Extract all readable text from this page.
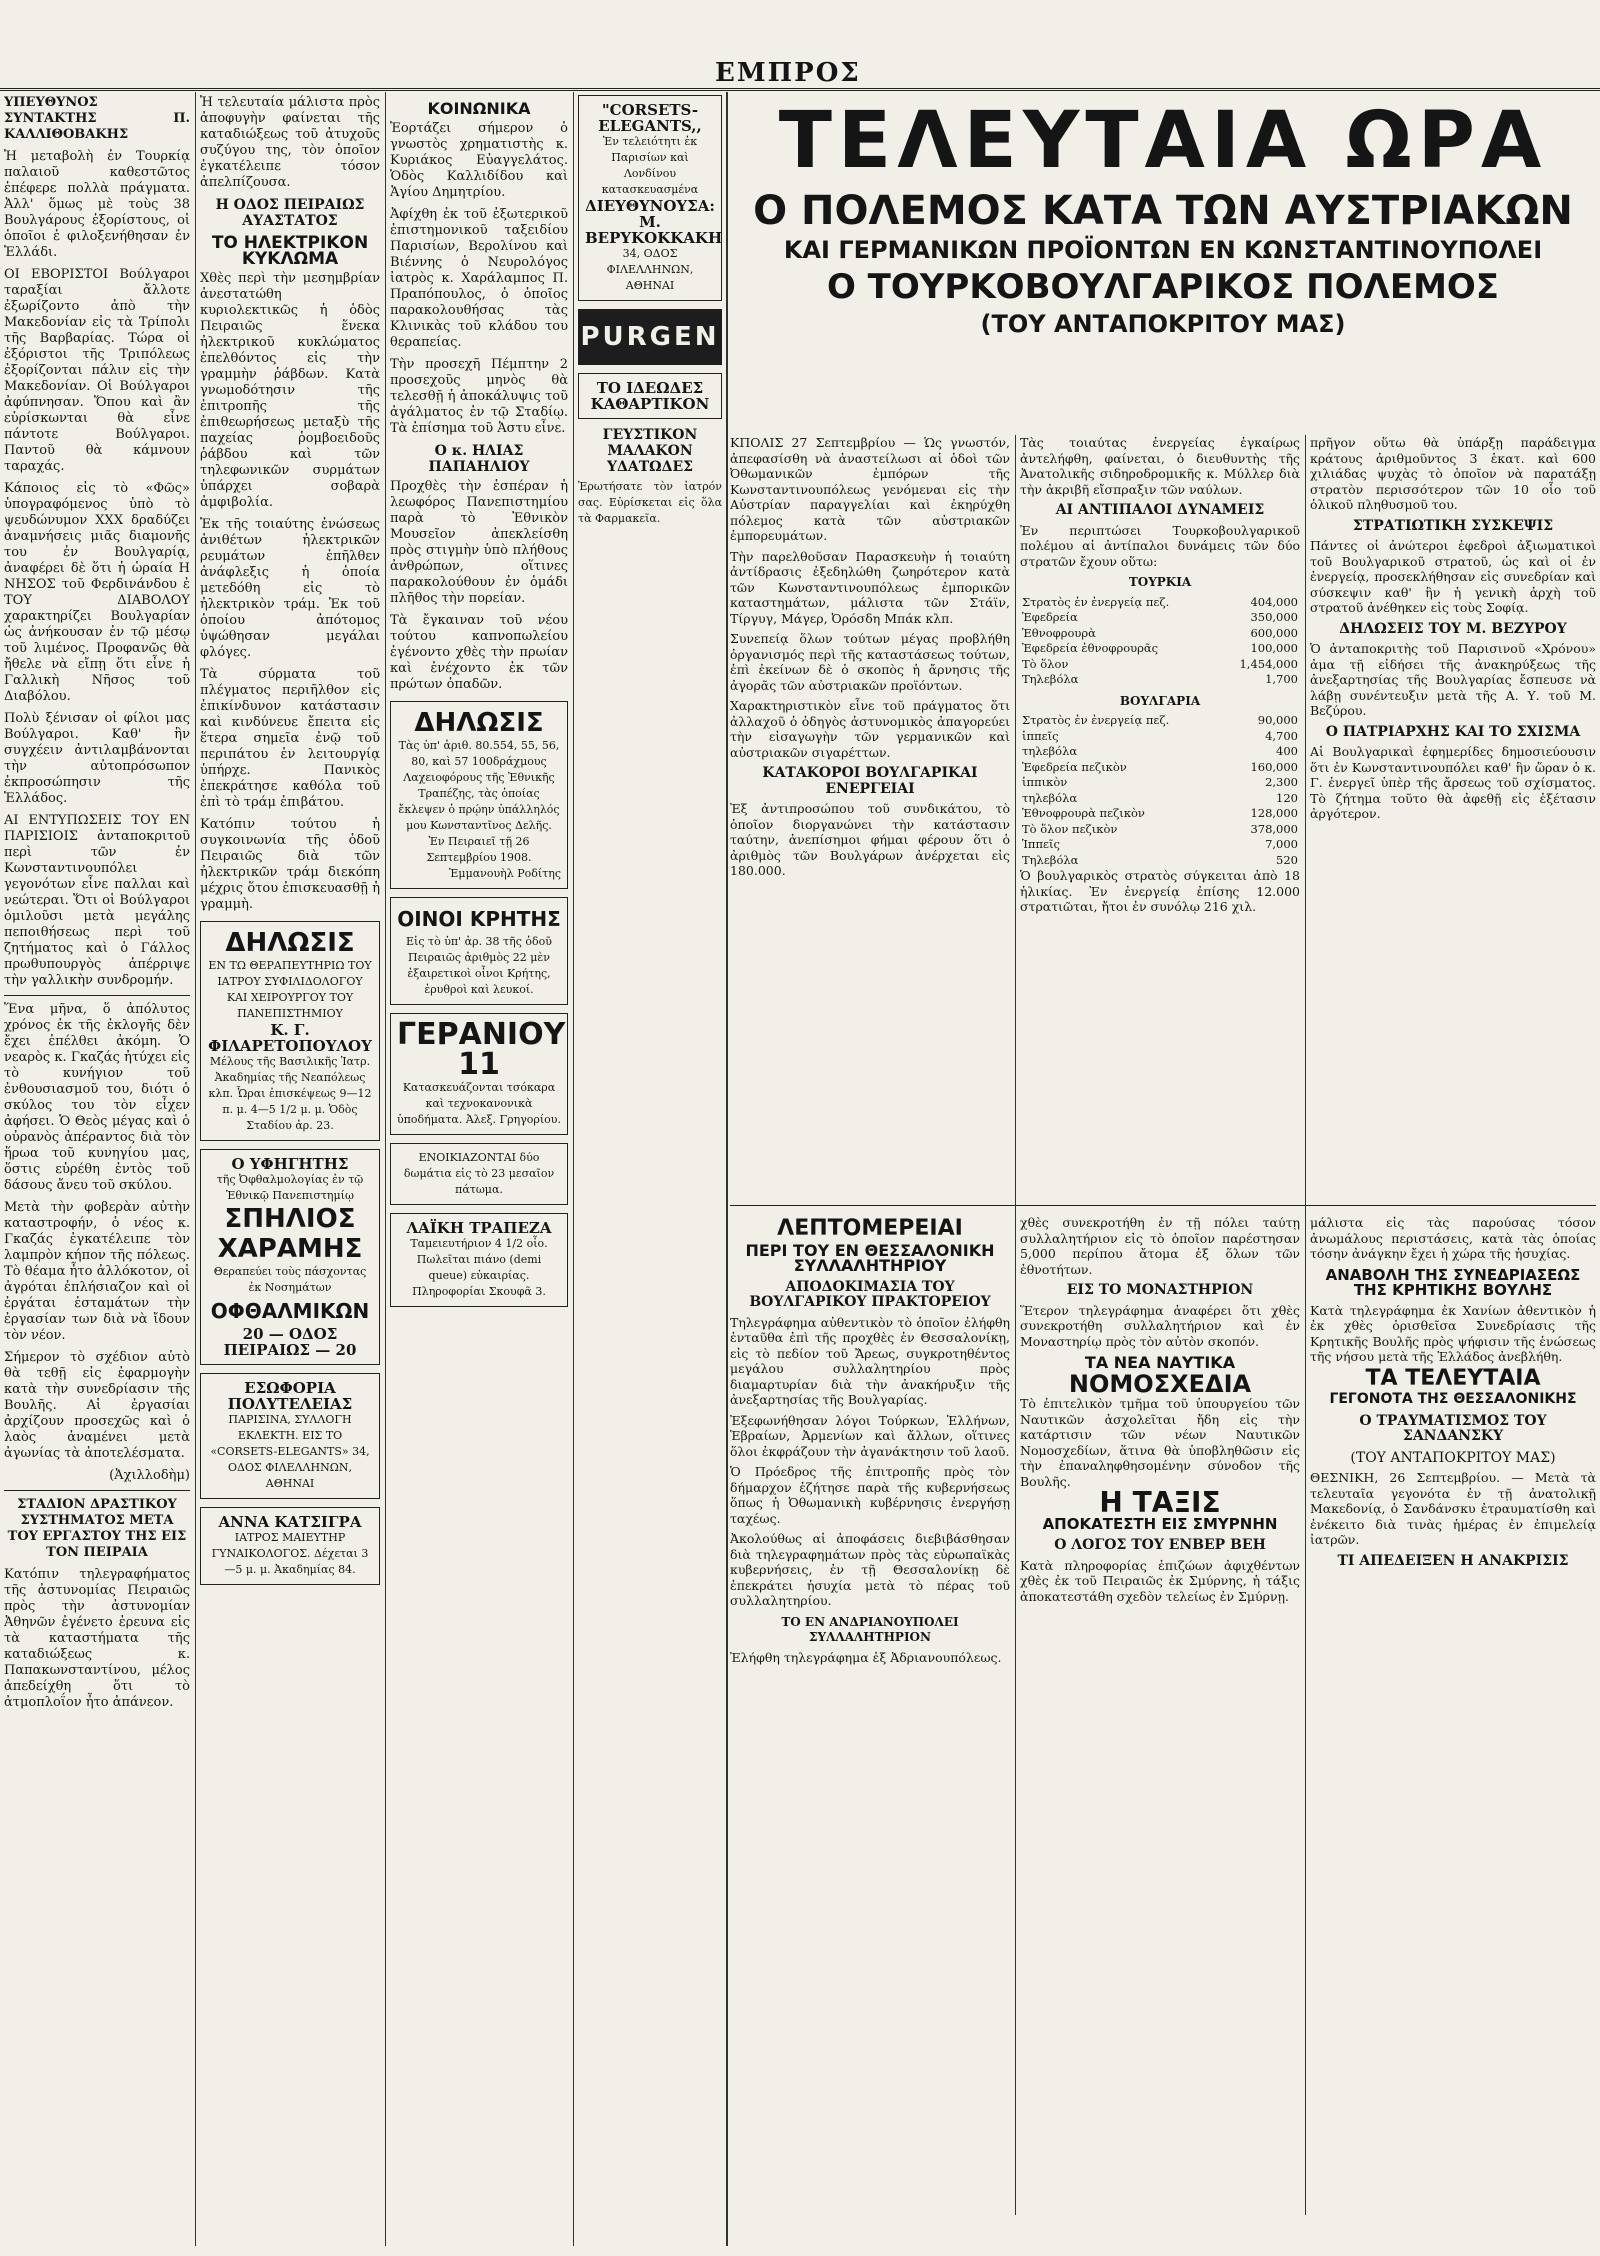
ΕΜΠΡΟΣ

ΥΠΕΥΘΥΝΟΣ ΣΥΝΤΑΚΤΗΣ Π. ΚΑΛΛΙΘΟΒΑΚΗΣ

Ἡ μεταβολὴ ἐν Τουρκίᾳ παλαιοῦ καθεστῶτος ἐπέφερε πολλὰ πράγματα. Ἀλλ' ὅμως μὲ τοὺς 38 Βουλγάρους ἐξορίστους, οἱ ὁποῖοι ἐ φιλοξενήθησαν ἐν Ἑλλάδι.

ΟΙ ΕΒΟΡΙΣΤΟΙ Βούλγαροι ταραξίαι ἄλλοτε ἐξωρίζοντο ἀπὸ τὴν Μακεδονίαν εἰς τὰ Τρίπολι τῆς Βαρβαρίας. Τώρα οἱ ἐξόριστοι τῆς Τριπόλεως ἐξορίζονται πάλιν εἰς τὴν Μακεδονίαν. Οἱ Βούλγαροι ἀφύπνησαν. Ὅπου καὶ ἂν εὑρίσκωνται θὰ εἶνε πάντοτε Βούλγαροι. Παντοῦ θὰ κάμνουν ταραχάς.

Κάποιος εἰς τὸ «Φῶς» ὑπογραφόμενος ὑπὸ τὸ ψευδώνυμον ΧΧΧ δραδύζει ἀναμνήσεις μιᾶς διαμονῆς του ἐν Βουλγαρίᾳ, ἀναφέρει δὲ ὅτι ἡ ὡραία Η ΝΗΣΟΣ τοῦ Φερδινάνδου ἐ ΤΟΥ ΔΙΑΒΟΛΟΥ χαρακτηρίζει Βουλγαρίαν ὡς ἀνήκουσαν ἐν τῷ μέσῳ τοῦ λιμένος. Προφανῶς θὰ ἤθελε νὰ εἴπῃ ὅτι εἶνε ἡ Γαλλικὴ Νῆσος τοῦ Διαβόλου.

Πολὺ ξένισαν οἱ φίλοι μας Βούλγαροι. Καθ' ἣν συγχέειν ἀντιλαμβάνονται τὴν αὐτοπρόσωπον ἐκπροσώπησιν τῆς Ἑλλάδος.

ΑΙ ΕΝΤΥΠΩΣΕΙΣ ΤΟΥ ΕΝ ΠΑΡΙΣΙΟΙΣ ἀνταποκριτοῦ περὶ τῶν ἐν Κωνσταντινουπόλει γεγονότων εἶνε παλλαι καὶ νεώτεραι. Ὅτι οἱ Βούλγαροι ὁμιλοῦσι μετὰ μεγάλης πεποιθήσεως περὶ τοῦ ζητήματος καὶ ὁ Γάλλος πρωθυπουργὸς ἀπέρριψε τὴν γαλλικὴν συνδρομήν.

Ἕνα μῆνα, ὅ ἀπόλυτος χρόνος ἐκ τῆς ἐκλογῆς δὲν ἔχει ἐπέλθει ἀκόμη. Ὁ νεαρὸς κ. Γκαζάς ἠτύχει εἰς τὸ κυνήγιον τοῦ ἐνθουσιασμοῦ του, διότι ὁ σκύλος του τὸν εἶχεν ἀφήσει. Ὁ Θεὸς μέγας καὶ ὁ οὐρανὸς ἀπέραντος διὰ τὸν ἥρωα τοῦ κυνηγίου μας, ὅστις εὑρέθη ἐντὸς τοῦ δάσους ἄνευ τοῦ σκύλου.

Μετὰ τὴν φοβερὰν αὐτὴν καταστροφήν, ὁ νέος κ. Γκαζάς ἐγκατέλειπε τὸν λαμπρὸν κήπον τῆς πόλεως. Τὸ θέαμα ἦτο ἀλλόκοτον, οἱ ἀγρόται ἐπλήσιαζον καὶ οἱ ἐργάται ἐσταμάτων τὴν ἐργασίαν των διὰ νὰ ἴδουν τὸν νέον.

Σήμερον τὸ σχέδιον αὐτὸ θὰ τεθῇ εἰς ἐφαρμογὴν κατὰ τὴν συνεδρίασιν τῆς Βουλῆς. Αἱ ἐργασίαι ἀρχίζουν προσεχῶς καὶ ὁ λαὸς ἀναμένει μετὰ ἀγωνίας τὰ ἀποτελέσματα.

(Ἀχιλλοδὴμ)

ΣΤΑΔΙΟΝ ΔΡΑΣΤΙΚΟΥ ΣΥΣΤΗΜΑΤΟΣ ΜΕΤΑ ΤΟΥ ΕΡΓΑΣΤΟΥ ΤΗΣ ΕΙΣ ΤΟΝ ΠΕΙΡΑΙΑ

Κατόπιν τηλεγραφήματος τῆς ἀστυνομίας Πειραιῶς πρὸς τὴν ἀστυνομίαν Ἀθηνῶν ἐγένετο ἐρευνα εἰς τὰ καταστήματα τῆς καταδιώξεως κ. Παπακωνσταντίνου, μέλος ἀπεδείχθη ὅτι τὸ ἀτμοπλοΐον ἦτο ἀπάνεον.

Ἡ τελευταία μάλιστα πρὸς ἀποφυγὴν φαίνεται τῆς καταδιώξεως τοῦ ἀτυχοῦς συζύγου της, τὸν ὁποῖον ἐγκατέλειπε τόσον ἀπελπίζουσα.

Η ΟΔΟΣ ΠΕΙΡΑΙΩΣ ΑΥΑΣΤΑΤΟΣ
ΤΟ ΗΛΕΚΤΡΙΚΟΝ ΚΥΚΛΩΜΑ

Χθὲς περὶ τὴν μεσημβρίαν ἀνεστατώθη κυριολεκτικῶς ἡ ὁδὸς Πειραιῶς ἕνεκα ἠλεκτρικοῦ κυκλώματος ἐπελθόντος εἰς τὴν γραμμὴν ῥάβδων. Κατὰ γνωμοδότησιν τῆς ἐπιτροπῆς τῆς ἐπιθεωρήσεως μεταξὺ τῆς παχείας ῥομβοειδοῦς ῥάβδου καὶ τῶν τηλεφωνικῶν συρμάτων ὑπάρχει σοβαρὰ ἀμφιβολία.

Ἐκ τῆς τοιαύτης ἐνώσεως ἀνιθέτων ἠλεκτρικῶν ρευμάτων ἐπῆλθεν ἀνάφλεξις ἡ ὁποία μετεδόθη εἰς τὸ ἠλεκτρικὸν τράμ. Ἐκ τοῦ ὁποίου ἀπότομος ὑψώθησαν μεγάλαι φλόγες.

Τὰ σύρματα τοῦ πλέγματος περιῆλθον εἰς ἐπικίνδυνον κατάστασιν καὶ κινδύνευε ἔπειτα εἰς ἕτερα σημεῖα ἐνῷ τοῦ περιπάτου ἐν λειτουργίᾳ ὑπήρχε. Πανικὸς ἐπεκράτησε καθόλα τοῦ ἐπὶ τὸ τράμ ἐπιβάτου.

Κατόπιν τούτου ἡ συγκοινωνία τῆς ὁδοῦ Πειραιῶς διὰ τῶν ἠλεκτρικῶν τράμ διεκόπη μέχρις ὅτου ἐπισκευασθῇ ἡ γραμμὴ.

ΔΗΛΩΣΙΣ
ΕΝ ΤΩ ΘΕΡΑΠΕΥΤΗΡΙΩ ΤΟΥ ΙΑΤΡΟΥ ΣΥΦΙΛΙΔΟΛΟΓΟΥ ΚΑΙ ΧΕΙΡΟΥΡΓΟΥ ΤΟΥ ΠΑΝΕΠΙΣΤΗΜΙΟΥ
Κ. Γ. ΦΙΛΑΡΕΤΟΠΟΥΛΟΥ
Μέλους τῆς Βασιλικῆς Ἰατρ. Ἀκαδημίας τῆς Νεαπόλεως κλπ. Ὧραι ἐπισκέψεως 9—12 π. μ. 4—5 1/2 μ. μ. Ὁδὸς Σταδίου ἀρ. 23.
Ο ΥΦΗΓΗΤΗΣ
τῆς Ὀφθαλμολογίας ἐν τῷ Ἐθνικῷ Πανεπιστημίῳ
ΣΠΗΛΙΟΣ ΧΑΡΑΜΗΣ
Θεραπεύει τοὺς πάσχοντας ἐκ Νοσημάτων
ΟΦΘΑΛΜΙΚΩΝ
20 — ΟΔΟΣ ΠΕΙΡΑΙΩΣ — 20
ΕΣΩΦΟΡΙΑ ΠΟΛΥΤΕΛΕΙΑΣ
ΠΑΡΙΣΙΝΑ, ΣΥΛΛΟΓΗ ΕΚΛΕΚΤΗ. ΕΙΣ ΤΟ «CORSETS-ELEGANTS» 34, ΟΔΟΣ ΦΙΛΕΛΛΗΝΩΝ, ΑΘΗΝΑΙ
ΑΝΝΑ ΚΑΤΣΙΓΡΑ
ΙΑΤΡΟΣ ΜΑΙΕΥΤΗΡ ΓΥΝΑΙΚΟΛΟΓΟΣ. Δέχεται 3—5 μ. μ. Ἀκαδημίας 84.
ΚΟΙΝΩΝΙΚΑ

Ἑορτάζει σήμερον ὁ γνωστὸς χρηματιστὴς κ. Κυριάκος Εὐαγγελάτος. Ὁδὸς Καλλιδίδου καὶ Ἁγίου Δημητρίου.

Ἀφίχθη ἐκ τοῦ ἐξωτερικοῦ ἐπιστημονικοῦ ταξειδίου Παρισίων, Βερολίνου καὶ Βιέννης ὁ Νευρολόγος ἰατρὸς κ. Χαράλαμπος Π. Πραπόπουλος, ὁ ὁποῖος παρακολουθήσας τὰς Κλινικὰς τοῦ κλάδου του θεραπείας.

Τὴν προσεχῆ Πέμπτην 2 προσεχοῦς μηνὸς θὰ τελεσθῇ ἡ ἀποκάλυψις τοῦ ἀγάλματος ἐν τῷ Σταδίῳ. Τὰ ἐπίσημα τοῦ Ἀστυ εἶνε.

Ο κ. ΗΛΙΑΣ ΠΑΠΑΗΛΙΟΥ

Προχθὲς τὴν ἑσπέραν ἡ λεωφόρος Πανεπιστημίου παρὰ τὸ Ἐθνικὸν Μουσεῖον ἀπεκλείσθη πρὸς στιγμὴν ὑπὸ πλήθους ἀνθρώπων, οἵτινες παρακολούθουν ἐν ὁμάδι πλῆθος τὴν πορείαν.

Τὰ ἔγκαιναν τοῦ νέου τούτου καπνοπωλείου ἐγένοντο χθὲς τὴν πρωίαν καὶ ἐνέχοντο ἐκ τῶν πρώτων ὀπαδῶν.

ΔΗΛΩΣΙΣ
Τὰς ὑπ' ἀριθ. 80.554, 55, 56, 80, καὶ 57 100δράχμους Λαχειοφόρους τῆς Ἐθνικῆς Τραπέζης, τὰς ὁποίας ἔκλεψεν ὁ πρῴην ὑπάλληλός μου Κωνσταντῖνος Δελῆς.
Ἐν Πειραιεῖ τῇ 26 Σεπτεμβρίου 1908.
Ἐμμανουὴλ Ροδίτης
ΟΙΝΟΙ ΚΡΗΤΗΣ
Εἰς τὸ ὑπ' ἀρ. 38 τῆς ὁδοῦ Πειραιῶς ἀριθμὸς 22 μὲν ἐξαιρετικοὶ οἶνοι Κρήτης, ἐρυθροὶ καὶ λευκοί.
ΓΕΡΑΝΙΟΥ
11
Κατασκευάζονται τσόκαρα καὶ τεχνοκανονικὰ ὑποδήματα. Ἀλεξ. Γρηγορίου.
ΕΝΟΙΚΙΑΖΟΝΤΑΙ δύο δωμάτια εἰς τὸ 23 μεσαῖον πάτωμα.
ΛΑΪΚΗ ΤΡΑΠΕΖΑ
Ταμειευτήριον 4 1/2 οἷο.
Πωλεῖται πιάνο (demi queue) εὐκαιρίας. Πληροφορίαι Σκουφᾶ 3.
"CORSETS-ELEGANTS,,
Ἐν τελειότητι ἐκ Παρισίων καὶ Λονδίνου κατασκευασμένα
ΔΙΕΥΘΥΝΟΥΣΑ: Μ. ΒΕΡΥΚΟΚΚΑΚΗ
34, ΟΔΟΣ ΦΙΛΕΛΛΗΝΩΝ, ΑΘΗΝΑΙ
PURGEN
ΤΟ ΙΔΕΩΔΕΣ ΚΑΘΑΡΤΙΚΟΝ
ΓΕΥΣΤΙΚΟΝ ΜΑΛΑΚΟΝ ΥΔΑΤΩΔΕΣ

Ἐρωτήσατε τὸν ἰατρόν σας. Εὑρίσκεται εἰς ὅλα τὰ Φαρμακεῖα.

ΤΕΛΕΥΤΑΙΑ ΩΡΑ
Ο ΠΟΛΕΜΟΣ ΚΑΤΑ ΤΩΝ ΑΥΣΤΡΙΑΚΩΝ
ΚΑΙ ΓΕΡΜΑΝΙΚΩΝ ΠΡΟΪΟΝΤΩΝ ΕΝ ΚΩΝΣΤΑΝΤΙΝΟΥΠΟΛΕΙ
Ο ΤΟΥΡΚΟΒΟΥΛΓΑΡΙΚΟΣ ΠΟΛΕΜΟΣ
(ΤΟΥ ΑΝΤΑΠΟΚΡΙΤΟΥ ΜΑΣ)

ΚΠΟΛΙΣ 27 Σεπτεμβρίου — Ὡς γνωστόν, ἀπεφασίσθη νὰ ἀναστείλωσι αἱ ὁδοὶ τῶν Ὀθωμανικῶν ἐμπόρων τῆς Κωνσταντινουπόλεως γενόμεναι εἰς τὴν Αὐστρίαν παραγγελίαι καὶ ἐκηρύχθη πόλεμος κατὰ τῶν αὐστριακῶν ἐμπορευμάτων.

Τὴν παρελθοῦσαν Παρασκευὴν ἡ τοιαύτη ἀντίδρασις ἐξεδηλώθη ζωηρότερον κατὰ τῶν Κωνσταντινουπόλεως ἐμπορικῶν καταστημάτων, μάλιστα τῶν Στάϊν, Τίργυγ, Μάγερ, Ὀρόσδη Μπάκ κλπ.

Συνεπείᾳ ὅλων τούτων μέγας προβλήθη ὀργανισμός περὶ τῆς καταστάσεως τούτων, ἐπὶ ἐκείνων δὲ ὁ σκοπὸς ἡ ἄρνησις τῆς ἀγορᾶς τῶν αὐστριακῶν προϊόντων.

Χαρακτηριστικὸν εἶνε τοῦ πράγματος ὅτι ἀλλαχοῦ ὁ ὁδηγὸς ἀστυνομικὸς ἀπαγορεύει τὴν εἰσαγωγὴν τῶν γερμανικῶν καὶ αὐστριακῶν σιγαρέττων.

ΚΑΤΑΚΟΡΟΙ ΒΟΥΛΓΑΡΙΚΑΙ ΕΝΕΡΓΕΙΑΙ

Ἐξ ἀντιπροσώπου τοῦ συνδικάτου, τὸ ὁποῖον διοργανώνει τὴν κατάστασιν ταύτην, ἀνεπίσημοι φήμαι φέρουν ὅτι ὁ ἀριθμὸς τῶν Βουλγάρων ἀνέρχεται εἰς 180.000.

Τὰς τοιαύτας ἐνεργείας ἐγκαίρως ἀντελήφθη, φαίνεται, ὁ διευθυντὴς τῆς Ἀνατολικῆς σιδηροδρομικῆς κ. Μύλλερ διὰ τὴν ἀκριβῆ εἴσπραξιν τῶν ναύλων.

ΑΙ ΑΝΤΙΠΑΛΟΙ ΔΥΝΑΜΕΙΣ

Ἐν περιπτώσει Τουρκοβουλγαρικοῦ πολέμου αἱ ἀντίπαλοι δυνάμεις τῶν δύο στρατῶν ἔχουν οὕτω:

ΤΟΥΡΚΙΑ
Στρατὸς ἐν ἐνεργείᾳ πεζ.	404,000
Ἐφεδρεία	350,000
Ἐθνοφρουρὰ	600,000
Ἐφεδρεία ἐθνοφρουρᾶς	100,000
Τὸ ὅλον	1,454,000
Τηλεβόλα	1,700
ΒΟΥΛΓΑΡΙΑ
Στρατὸς ἐν ἐνεργείᾳ πεζ.	90,000
ἱππεῖς	4,700
τηλεβόλα	400
Ἐφεδρεία πεζικὸν	160,000
ἱππικὸν	2,300
τηλεβόλα	120
Ἐθνοφρουρὰ πεζικὸν	128,000
Τὸ ὅλον πεζικὸν	378,000
Ἱππεῖς	7,000
Τηλεβόλα	520

Ὁ βουλγαρικὸς στρατὸς σύγκειται ἀπὸ 18 ἡλικίας. Ἐν ἐνεργείᾳ ἐπίσης 12.000 στρατιῶται, ἤτοι ἐν συνόλῳ 216 χιλ.

πρῆγον οὕτω θὰ ὑπάρξῃ παράδειγμα κράτους ἀριθμοῦντος 3 ἑκατ. καὶ 600 χιλιάδας ψυχὰς τὸ ὁποῖον νὰ παρατάξῃ στρατὸν περισσότερον τῶν 10 οἷο τοῦ ὁλικοῦ πληθυσμοῦ του.

ΣΤΡΑΤΙΩΤΙΚΗ ΣΥΣΚΕΨΙΣ

Πάντες οἱ ἀνώτεροι ἐφεδροὶ ἀξιωματικοὶ τοῦ Βουλγαρικοῦ στρατοῦ, ὡς καὶ οἱ ἐν ἐνεργείᾳ, προσεκλήθησαν εἰς συνεδρίαν καὶ σύσκεψιν καθ' ἣν ἡ γενικὴ ἀρχὴ τοῦ στρατοῦ ἀνέθηκεν εἰς τοὺς Σοφίᾳ.

ΔΗΛΩΣΕΙΣ ΤΟΥ Μ. ΒΕΖΥΡΟΥ

Ὁ ἀνταποκριτὴς τοῦ Παρισινοῦ «Χρόνου» ἀμα τῇ εἰδήσει τῆς ἀνακηρύξεως τῆς ἀνεξαρτησίας τῆς Βουλγαρίας ἔσπευσε νὰ λάβῃ συνέντευξιν μετὰ τῆς Α. Υ. τοῦ Μ. Βεζύρου.

Ο ΠΑΤΡΙΑΡΧΗΣ ΚΑΙ ΤΟ ΣΧΙΣΜΑ

Αἱ Βουλγαρικαὶ ἐφημερίδες δημοσιεύουσιν ὅτι ἐν Κωνσταντινουπόλει καθ' ἣν ὥραν ὁ κ. Γ. ἐνεργεῖ ὑπὲρ τῆς ἄρσεως τοῦ σχίσματος. Τὸ ζήτημα τοῦτο θὰ ἀφεθῇ εἰς ἐξέτασιν ἀργότερον.

ΛΕΠΤΟΜΕΡΕΙΑΙ
ΠΕΡΙ ΤΟΥ ΕΝ ΘΕΣΣΑΛΟΝΙΚΗ ΣΥΛΛΑΛΗΤΗΡΙΟΥ
ΑΠΟΔΟΚΙΜΑΣΙΑ ΤΟΥ ΒΟΥΛΓΑΡΙΚΟΥ ΠΡΑΚΤΟΡΕΙΟΥ

Τηλεγράφημα αὐθεντικὸν τὸ ὁποῖον ἐλήφθη ἐνταῦθα ἐπὶ τῆς προχθὲς ἐν Θεσσαλονίκῃ, εἰς τὸ πεδίον τοῦ Ἄρεως, συγκροτηθέντος μεγάλου συλλαλητηρίου πρὸς διαμαρτυρίαν διὰ τὴν ἀνακήρυξιν τῆς ἀνεξαρτησίας τῆς Βουλγαρίας.

Ἐξεφωνήθησαν λόγοι Τούρκων, Ἑλλήνων, Ἑβραίων, Ἀρμενίων καὶ ἄλλων, οἵτινες ὅλοι ἐκφράζουν τὴν ἀγανάκτησιν τοῦ λαοῦ.

Ὁ Πρόεδρος τῆς ἐπιτροπῆς πρὸς τὸν δήμαρχον ἐζήτησε παρὰ τῆς κυβερνήσεως ὅπως ἡ Ὀθωμανικὴ κυβέρνησις ἐνεργήσῃ ταχέως.

Ἀκολούθως αἱ ἀποφάσεις διεβιβάσθησαν διὰ τηλεγραφημάτων πρὸς τὰς εὐρωπαϊκὰς κυβερνήσεις, ἐν τῇ Θεσσαλονίκῃ δὲ ἐπεκράτει ἡσυχία μετὰ τὸ πέρας τοῦ συλλαλητηρίου.

ΤΟ ΕΝ ΑΝΔΡΙΑΝΟΥΠΟΛΕΙ ΣΥΛΛΑΛΗΤΗΡΙΟΝ

Ἐλήφθη τηλεγράφημα ἐξ Ἀδριανουπόλεως.

χθὲς συνεκροτήθη ἐν τῇ πόλει ταύτῃ συλλαλητήριον εἰς τὸ ὁποῖον παρέστησαν 5,000 περίπου ἄτομα ἐξ ὅλων τῶν ἐθνοτήτων.

ΕΙΣ ΤΟ ΜΟΝΑΣΤΗΡΙΟΝ

Ἕτερον τηλεγράφημα ἀναφέρει ὅτι χθὲς συνεκροτήθη συλλαλητήριον καὶ ἐν Μοναστηρίῳ πρὸς τὸν αὐτὸν σκοπόν.

ΤΑ ΝΕΑ ΝΑΥΤΙΚΑ
ΝΟΜΟΣΧΕΔΙΑ

Τὸ ἐπιτελικὸν τμῆμα τοῦ ὑπουργείου τῶν Ναυτικῶν ἀσχολεῖται ἤδη εἰς τὴν κατάρτισιν τῶν νέων Ναυτικῶν Νομοσχεδίων, ἅτινα θὰ ὑποβληθῶσιν εἰς τὴν ἐπαναληφθησομένην σύνοδον τῆς Βουλῆς.

Η ΤΑΞΙΣ
ΑΠΟΚΑΤΕΣΤΗ ΕΙΣ ΣΜΥΡΝΗΝ
Ο ΛΟΓΟΣ ΤΟΥ ΕΝΒΕΡ ΒΕΗ

Κατὰ πληροφορίας ἐπιζώων ἀφιχθέντων χθὲς ἐκ τοῦ Πειραιῶς ἐκ Σμύρνης, ἡ τάξις ἀποκατεστάθη σχεδὸν τελείως ἐν Σμύρνῃ.

μάλιστα εἰς τὰς παρούσας τόσον ἀνωμάλους περιστάσεις, κατὰ τὰς ὁποίας τόσην ἀνάγκην ἔχει ἡ χώρα τῆς ἡσυχίας.

ΑΝΑΒΟΛΗ ΤΗΣ ΣΥΝΕΔΡΙΑΣΕΩΣ ΤΗΣ ΚΡΗΤΙΚΗΣ ΒΟΥΛΗΣ

Κατὰ τηλεγράφημα ἐκ Χανίων ἀθεντικὸν ἡ ἐκ χθὲς ὁρισθεῖσα Συνεδρίασις τῆς Κρητικῆς Βουλῆς πρὸς ψήφισιν τῆς ἑνώσεως τῆς νήσου μετὰ τῆς Ἑλλάδος ἀνεβλήθη.

ΤΑ ΤΕΛΕΥΤΑΙΑ
ΓΕΓΟΝΟΤΑ ΤΗΣ ΘΕΣΣΑΛΟΝΙΚΗΣ
Ο ΤΡΑΥΜΑΤΙΣΜΟΣ ΤΟΥ ΣΑΝΔΑΝΣΚΥ
(ΤΟΥ ΑΝΤΑΠΟΚΡΙΤΟΥ ΜΑΣ)

ΘΕΣΝΙΚΗ, 26 Σεπτεμβρίου. — Μετὰ τὰ τελευταῖα γεγονότα ἐν τῇ ἀνατολικῇ Μακεδονίᾳ, ὁ Σανδάνσκυ ἐτραυματίσθη καὶ ἐνέκειτο διὰ τινὰς ἡμέρας ἐν ἐπιμελείᾳ ἰατρῶν.

ΤΙ ΑΠΕΔΕΙΞΕΝ Η ΑΝΑΚΡΙΣΙΣ
